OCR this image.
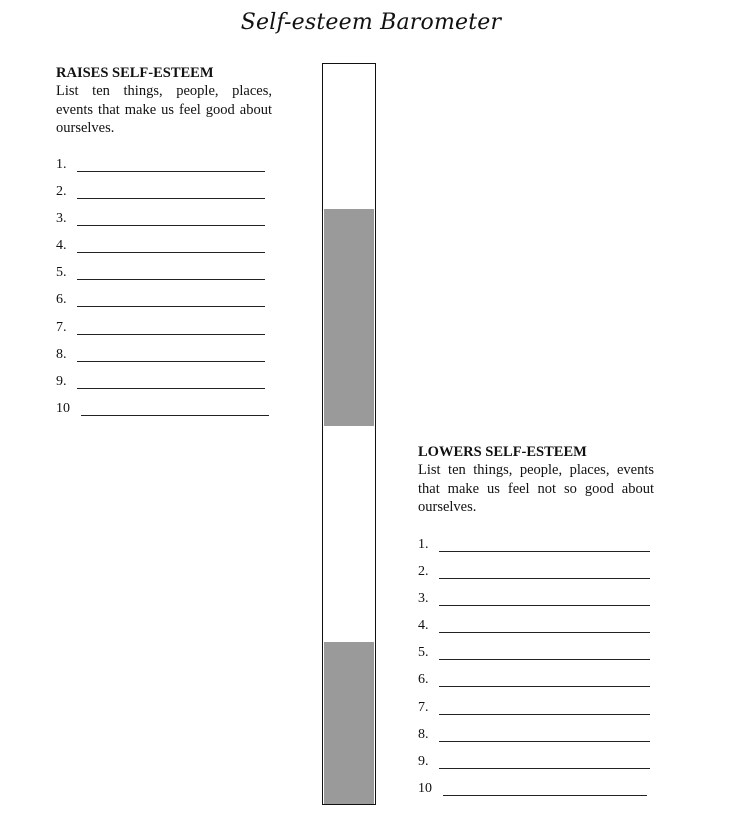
Self-esteem Barometer

RAISES SELF-ESTEEM

List ten things, people, places, events that make us feel good about ourselves.

1.
2.
3.
4.
5.
6.
7.
8.
9.
10

LOWERS SELF-ESTEEM

List ten things, people, places, events that make us feel not so good about ourselves.

1.
2.
3.
4.
5.
6.
7.
8.
9.
10
